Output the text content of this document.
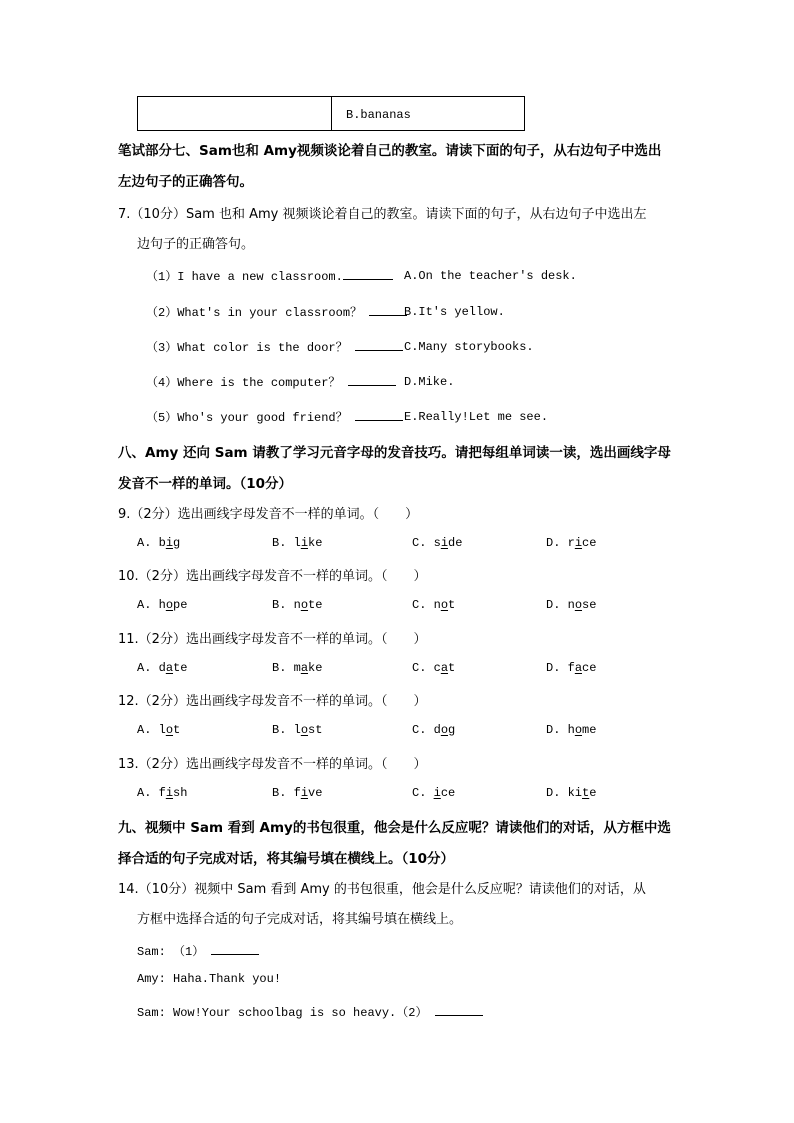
B.bananas
笔试部分七、Sam也和 Amy视频谈论着自己的教室。请读下面的句子，从右边句子中选出
左边句子的正确答句。
7.（10分）Sam 也和 Amy 视频谈论着自己的教室。请读下面的句子，从右边句子中选出左
边句子的正确答句。
（1）I have a new classroom.	A.On the teacher's desk.
（2）What's in your classroom？	B.It's yellow.
（3）What color is the door？	C.Many storybooks.
（4）Where is the computer？	D.Mike.
（5）Who's your good friend？	E.Really!Let me see.
八、Amy 还向 Sam 请教了学习元音字母的发音技巧。请把每组单词读一读，选出画线字母
发音不一样的单词。（10分）
9.（2分）选出画线字母发音不一样的单词。（　　）
A. big	B. like	C. side	D. rice
10.（2分）选出画线字母发音不一样的单词。（　　）
A. hope	B. note	C. not	D. nose
11.（2分）选出画线字母发音不一样的单词。（　　）
A. date	B. make	C. cat	D. face
12.（2分）选出画线字母发音不一样的单词。（　　）
A. lot	B. lost	C. dog	D. home
13.（2分）选出画线字母发音不一样的单词。（　　）
A. fish	B. five	C. ice	D. kite
九、视频中 Sam 看到 Amy的书包很重，他会是什么反应呢？请读他们的对话，从方框中选
择合适的句子完成对话，将其编号填在横线上。（10分）
14.（10分）视频中 Sam 看到 Amy 的书包很重，他会是什么反应呢？请读他们的对话，从
方框中选择合适的句子完成对话，将其编号填在横线上。
Sam: （1）
Amy: Haha.Thank you!
Sam: Wow!Your schoolbag is so heavy.（2）
